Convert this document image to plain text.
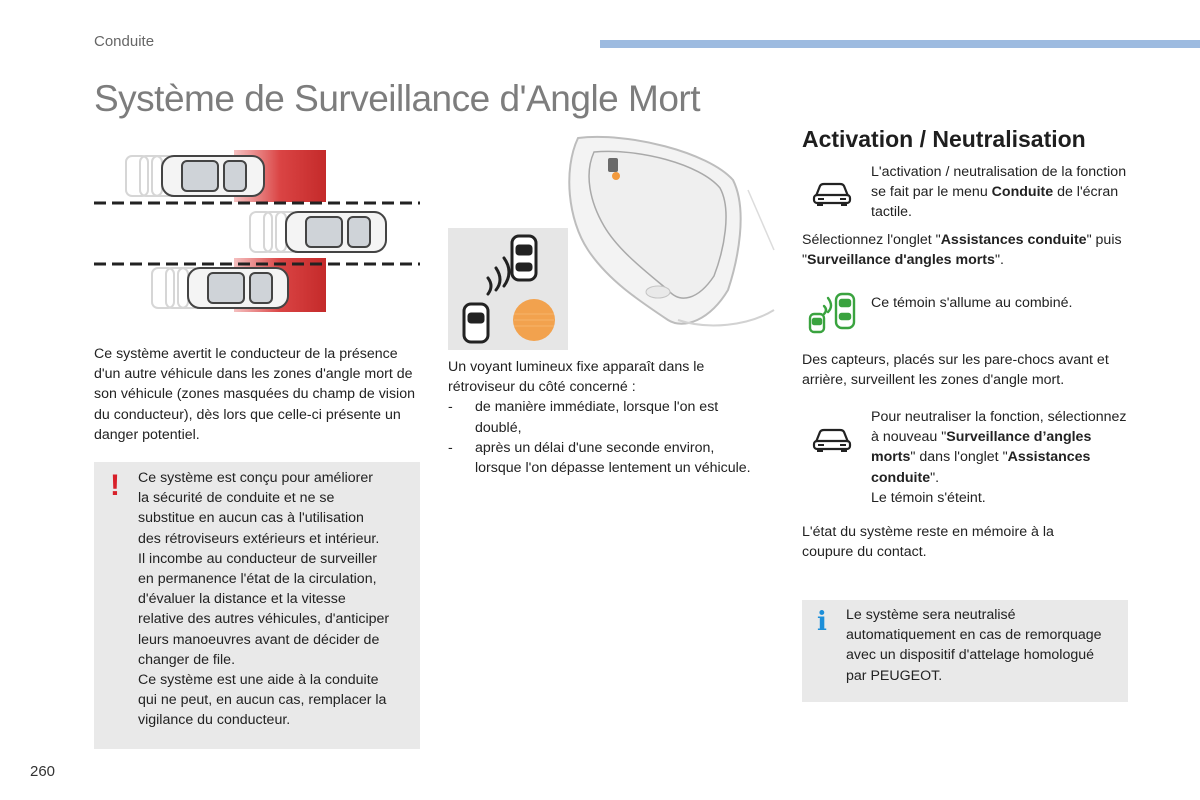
Conduite
Système de Surveillance d'Angle Mort

Ce système avertit le conducteur de la présence d'un autre véhicule dans les zones d'angle mort de son véhicule (zones masquées du champ de vision du conducteur), dès lors que celle-ci présente un danger potentiel.

!	Ce système est conçu pour améliorer
la sécurité de conduite et ne se
substitue en aucun cas à l'utilisation
des rétroviseurs extérieurs et intérieur.
Il incombe au conducteur de surveiller
en permanence l'état de la circulation,
d'évaluer la distance et la vitesse
relative des autres véhicules, d'anticiper
leurs manoeuvres avant de décider de
changer de file.
Ce système est une aide à la conduite
qui ne peut, en aucun cas, remplacer la
vigilance du conducteur.
Un voyant lumineux fixe apparaît dans le rétroviseur du côté concerné :
- de manière immédiate, lorsque l'on est doublé,
- après un délai d'une seconde environ, lorsque l'on dépasse lentement un véhicule.
Activation / Neutralisation

L'activation / neutralisation de la fonction se fait par le menu Conduite de l'écran tactile.

Sélectionnez l'onglet "Assistances conduite" puis "Surveillance d'angles morts".

Ce témoin s'allume au combiné.

Des capteurs, placés sur les pare-chocs avant et arrière, surveillent les zones d'angle mort.

Pour neutraliser la fonction, sélectionnez à nouveau "Surveillance d’angles morts" dans l'onglet "Assistances conduite".
Le témoin s'éteint.

L'état du système reste en mémoire à la coupure du contact.

i Le système sera neutralisé automatiquement en cas de remorquage avec un dispositif d'attelage homologué par PEUGEOT.

260
